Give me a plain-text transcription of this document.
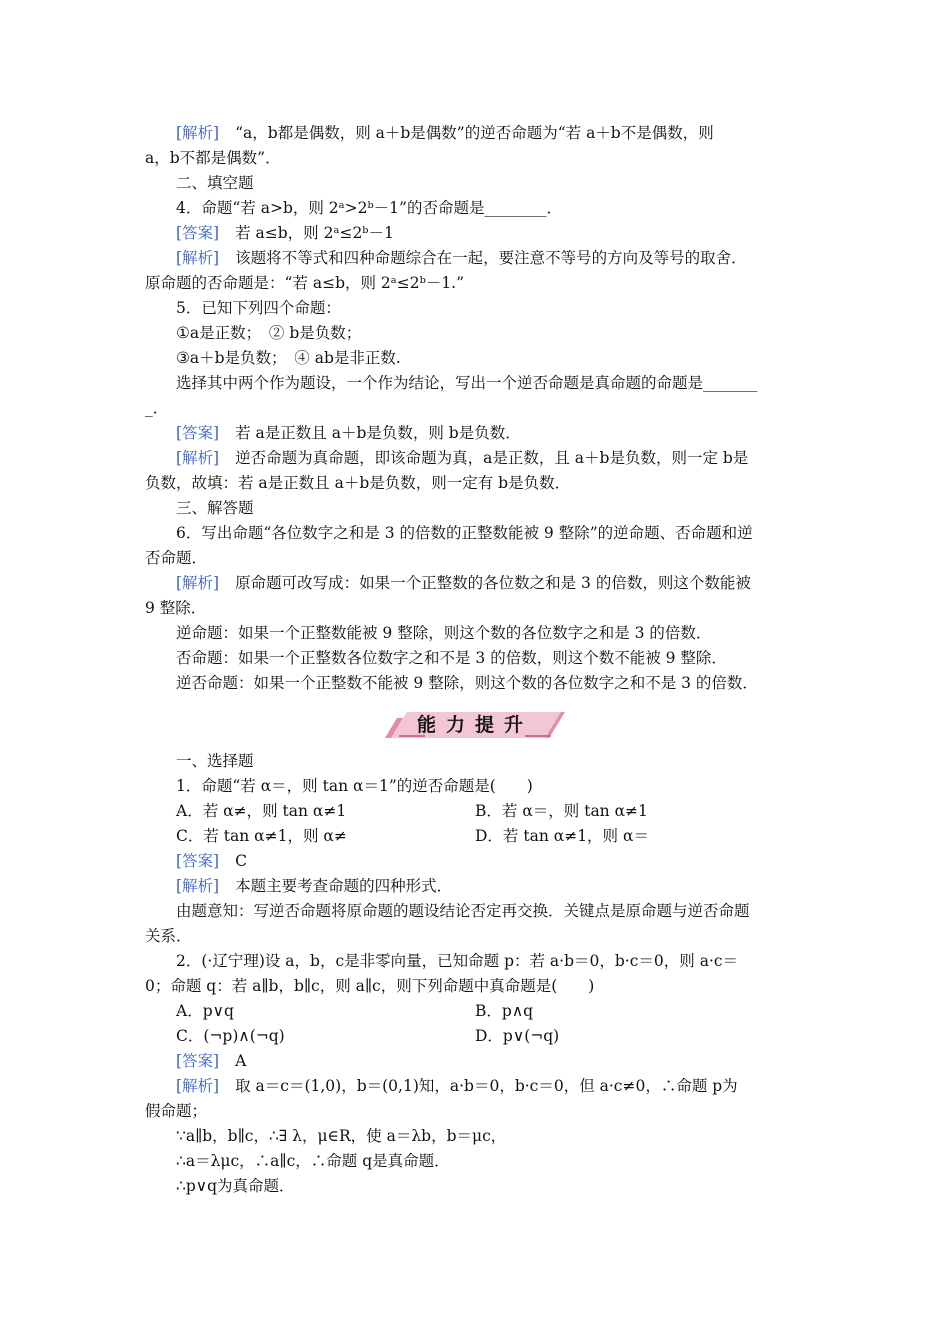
[解析] “a，b都是偶数，则 a＋b是偶数”的逆否命题为“若 a＋b不是偶数，则
a，b不都是偶数”．
二、填空题
4．命题“若 a>b，则 2ᵃ>2ᵇ－1”的否命题是________．
[答案] 若 a≤b，则 2ᵃ≤2ᵇ－1
[解析] 该题将不等式和四种命题综合在一起，要注意不等号的方向及等号的取舍．
原命题的否命题是：“若 a≤b，则 2ᵃ≤2ᵇ－1.”
5．已知下列四个命题：
①a是正数；　② b是负数；
③a＋b是负数；　④ ab是非正数.
选择其中两个作为题设，一个作为结论，写出一个逆否命题是真命题的命题是_______
_．
[答案] 若 a是正数且 a＋b是负数，则 b是负数．
[解析] 逆否命题为真命题，即该命题为真，a是正数，且 a＋b是负数，则一定 b是
负数，故填：若 a是正数且 a＋b是负数，则一定有 b是负数．
三、解答题
6．写出命题“各位数字之和是 3 的倍数的正整数能被 9 整除”的逆命题、否命题和逆
否命题．
[解析] 原命题可改写成：如果一个正整数的各位数之和是 3 的倍数，则这个数能被
9 整除．
逆命题：如果一个正整数能被 9 整除，则这个数的各位数字之和是 3 的倍数．
否命题：如果一个正整数各位数字之和不是 3 的倍数，则这个数不能被 9 整除．
逆否命题：如果一个正整数不能被 9 整除，则这个数的各位数字之和不是 3 的倍数．
能力提升
一、选择题
1．命题“若 α＝，则 tan α＝1”的逆否命题是(　　)
A．若 α≠，则 tan α≠1	B．若 α＝，则 tan α≠1
C．若 tan α≠1，则 α≠	D．若 tan α≠1，则 α＝
[答案] C
[解析] 本题主要考查命题的四种形式．
由题意知：写逆否命题将原命题的题设结论否定再交换．关键点是原命题与逆否命题
关系．
2．(·辽宁理)设 a，b，c是非零向量，已知命题 p：若 a·b＝0，b·c＝0，则 a·c＝
0；命题 q：若 a∥b，b∥c，则 a∥c，则下列命题中真命题是(　　)
A．p∨q	B．p∧q
C．(¬p)∧(¬q)	D．p∨(¬q)
[答案] A
[解析] 取 a＝c＝(1,0)，b＝(0,1)知，a·b＝0，b·c＝0，但 a·c≠0，∴命题 p为
假命题；
∵a∥b，b∥c，∴∃ λ，μ∈R，使 a＝λb，b＝μc，
∴a＝λμc，∴a∥c，∴命题 q是真命题．
∴p∨q为真命题．
